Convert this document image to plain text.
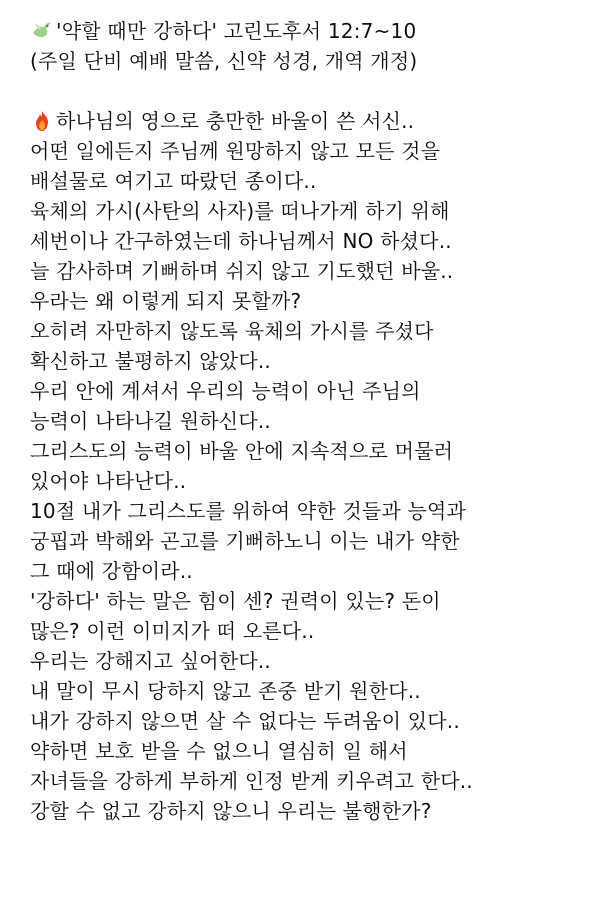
'약할 때만 강하다' 고린도후서 12:7~10
(주일 단비 예배 말씀, 신약 성경, 개역 개정)
하나님의 영으로 충만한 바울이 쓴 서신..
어떤 일에든지 주님께 원망하지 않고 모든 것을
배설물로 여기고 따랐던 종이다..
육체의 가시(사탄의 사자)를 떠나가게 하기 위해
세번이나 간구하였는데 하나님께서 NO 하셨다..
늘 감사하며 기뻐하며 쉬지 않고 기도했던 바울..
우라는 왜 이렇게 되지 못할까?
오히려 자만하지 않도록 육체의 가시를 주셨다
확신하고 불평하지 않았다..
우리 안에 계셔서 우리의 능력이 아닌 주님의
능력이 나타나길 원하신다..
그리스도의 능력이 바울 안에 지속적으로 머물러
있어야 나타난다..
10절 내가 그리스도를 위하여 약한 것들과 능역과
궁핍과 박해와 곤고를 기뻐하노니 이는 내가 약한
그 때에 강함이라..
'강하다' 하는 말은 힘이 센? 권력이 있는? 돈이
많은? 이런 이미지가 떠 오른다..
우리는 강해지고 싶어한다..
내 말이 무시 당하지 않고 존중 받기 원한다..
내가 강하지 않으면 살 수 없다는 두려움이 있다..
약하면 보호 받을 수 없으니 열심히 일 해서
자녀들을 강하게 부하게 인정 받게 키우려고 한다..
강할 수 없고 강하지 않으니 우리는 불행한가?
